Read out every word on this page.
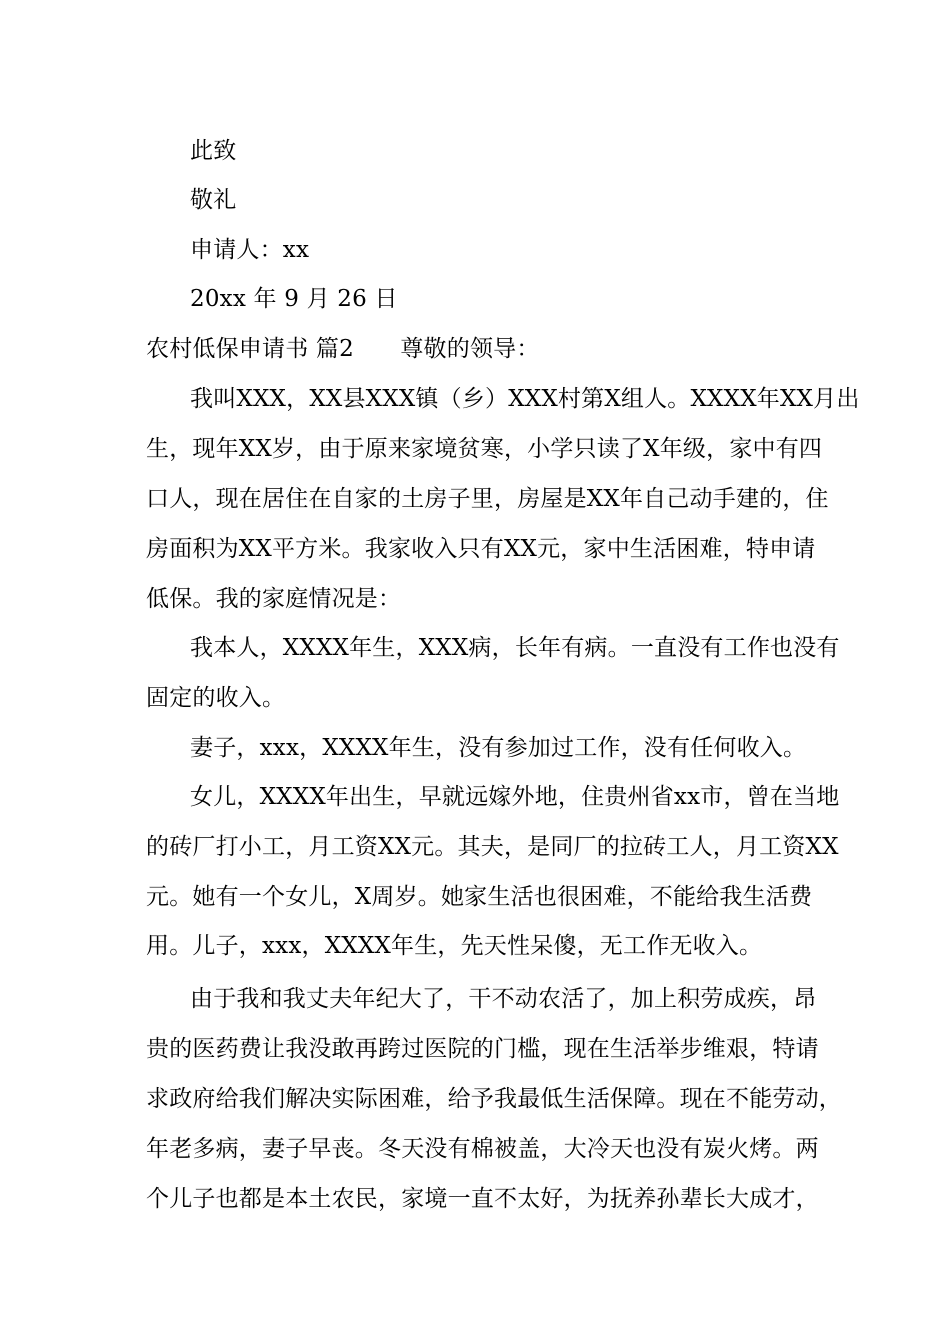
此致
敬礼
申请人：xx
20xx 年 9 月 26 日
农村低保申请书 篇2　　尊敬的领导：
我叫XXX，XX县XXX镇（乡）XXX村第X组人。XXXX年XX月出
生，现年XX岁，由于原来家境贫寒，小学只读了X年级，家中有四
口人，现在居住在自家的土房子里，房屋是XX年自己动手建的，住
房面积为XX平方米。我家收入只有XX元，家中生活困难，特申请
低保。我的家庭情况是：
我本人，XXXX年生，XXX病，长年有病。一直没有工作也没有
固定的收入。
妻子，xxx，XXXX年生，没有参加过工作，没有任何收入。
女儿，XXXX年出生，早就远嫁外地，住贵州省xx市，曾在当地
的砖厂打小工，月工资XX元。其夫，是同厂的拉砖工人，月工资XX
元。她有一个女儿，X周岁。她家生活也很困难，不能给我生活费
用。儿子，xxx，XXXX年生，先天性呆傻，无工作无收入。
由于我和我丈夫年纪大了，干不动农活了，加上积劳成疾，昂
贵的医药费让我没敢再跨过医院的门槛，现在生活举步维艰，特请
求政府给我们解决实际困难，给予我最低生活保障。现在不能劳动，
年老多病，妻子早丧。冬天没有棉被盖，大冷天也没有炭火烤。两
个儿子也都是本土农民，家境一直不太好，为抚养孙辈长大成才，
